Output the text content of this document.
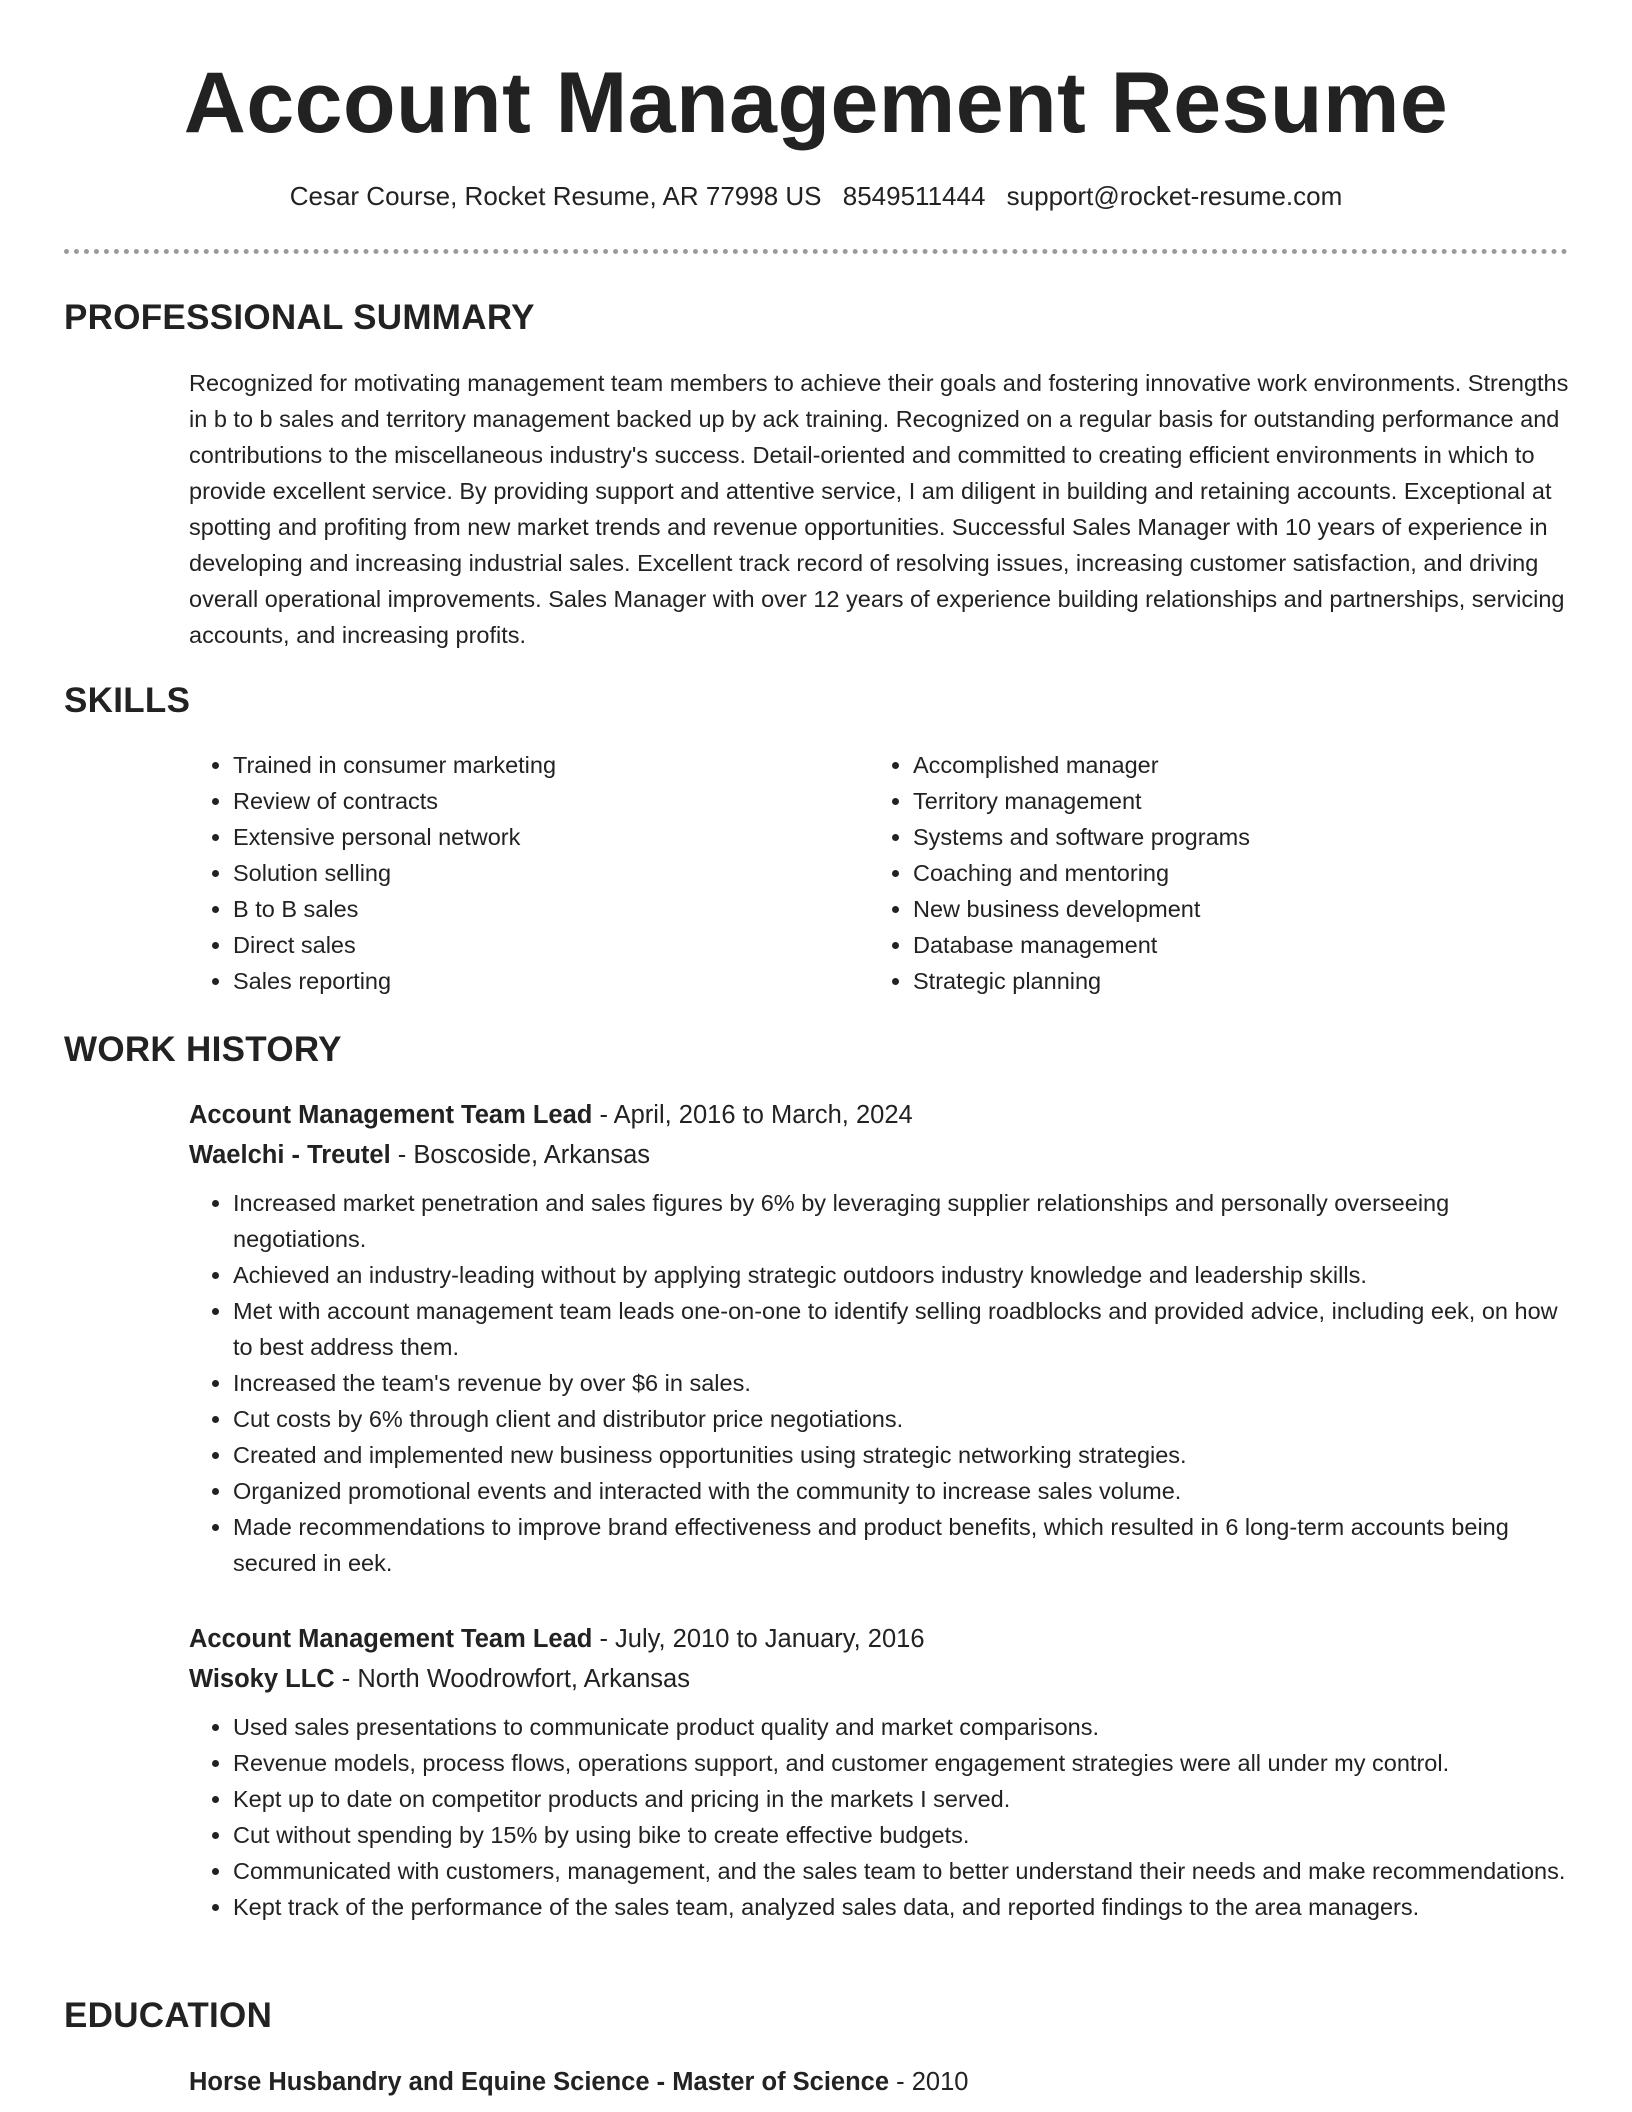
Account Management Resume
Cesar Course, Rocket Resume, AR 77998 US 8549511444 support@rocket-resume.com
PROFESSIONAL SUMMARY

Recognized for motivating management team members to achieve their goals and fostering innovative work environments. Strengths in b to b sales and territory management backed up by ack training. Recognized on a regular basis for outstanding performance and contributions to the miscellaneous industry's success. Detail-oriented and committed to creating efficient environments in which to provide excellent service. By providing support and attentive service, I am diligent in building and retaining accounts. Exceptional at spotting and profiting from new market trends and revenue opportunities. Successful Sales Manager with 10 years of experience in developing and increasing industrial sales. Excellent track record of resolving issues, increasing customer satisfaction, and driving overall operational improvements. Sales Manager with over 12 years of experience building relationships and partnerships, servicing accounts, and increasing profits.

SKILLS
• Trained in consumer marketing
• Review of contracts
• Extensive personal network
• Solution selling
• B to B sales
• Direct sales
• Sales reporting
• Accomplished manager
• Territory management
• Systems and software programs
• Coaching and mentoring
• New business development
• Database management
• Strategic planning
WORK HISTORY
Account Management Team Lead - April, 2016 to March, 2024
Waelchi - Treutel - Boscoside, Arkansas
• Increased market penetration and sales figures by 6% by leveraging supplier relationships and personally overseeing negotiations.
• Achieved an industry-leading without by applying strategic outdoors industry knowledge and leadership skills.
• Met with account management team leads one-on-one to identify selling roadblocks and provided advice, including eek, on how to best address them.
• Increased the team's revenue by over $6 in sales.
• Cut costs by 6% through client and distributor price negotiations.
• Created and implemented new business opportunities using strategic networking strategies.
• Organized promotional events and interacted with the community to increase sales volume.
• Made recommendations to improve brand effectiveness and product benefits, which resulted in 6 long-term accounts being secured in eek.
Account Management Team Lead - July, 2010 to January, 2016
Wisoky LLC - North Woodrowfort, Arkansas
• Used sales presentations to communicate product quality and market comparisons.
• Revenue models, process flows, operations support, and customer engagement strategies were all under my control.
• Kept up to date on competitor products and pricing in the markets I served.
• Cut without spending by 15% by using bike to create effective budgets.
• Communicated with customers, management, and the sales team to better understand their needs and make recommendations.
• Kept track of the performance of the sales team, analyzed sales data, and reported findings to the area managers.
EDUCATION
Horse Husbandry and Equine Science - Master of Science - 2010
